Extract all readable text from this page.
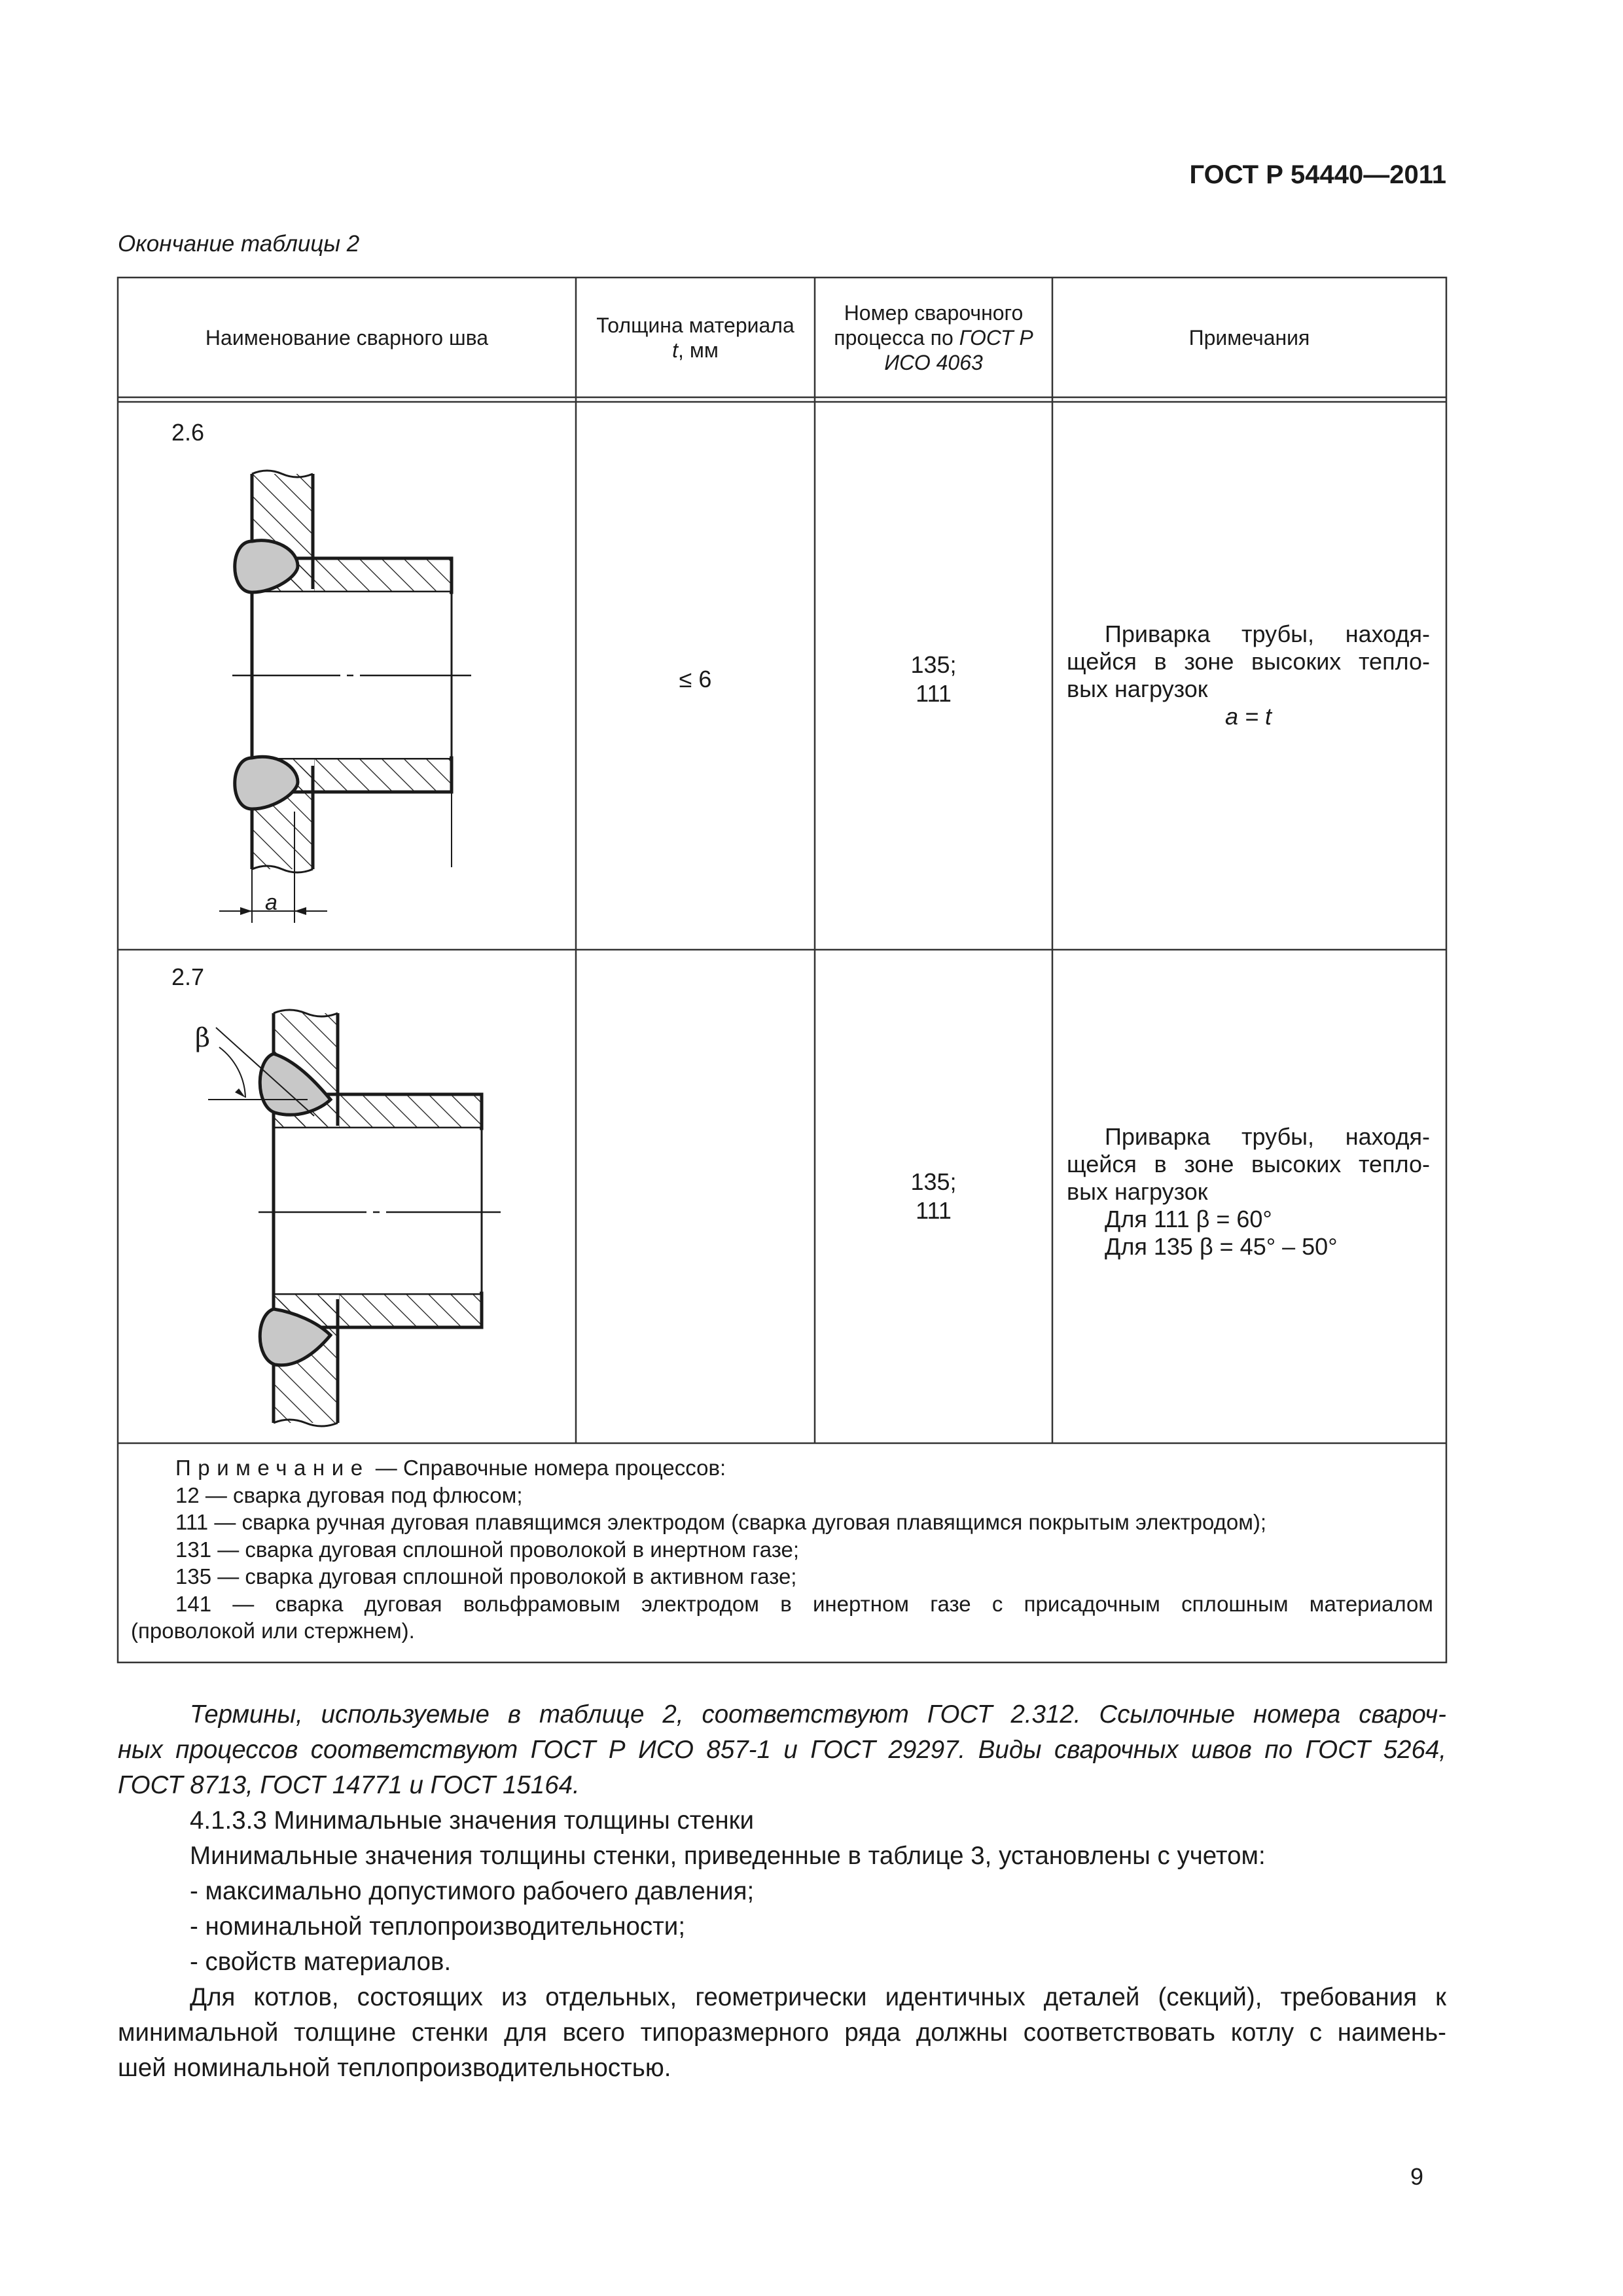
ГОСТ Р 54440—2011
Окончание таблицы 2
Наименование сварного шва
Толщина материала
t, мм
Номер сварочного
процесса по ГОСТ Р
ИСО 4063
Примечания
2.6
a
≤ 6
135;
111

Приварка трубы, находя-

щейся в зоне высоких тепло-

вых нагрузок

a = t

2.7
β
135;
111

Приварка трубы, находя-

щейся в зоне высоких тепло-

вых нагрузок

Для 111 β = 60°

Для 135 β = 45° – 50°

Примечание — Справочные номера процессов:

12 — сварка дуговая под флюсом;

111 — сварка ручная дуговая плавящимся электродом (сварка дуговая плавящимся покрытым электродом);

131 — сварка дуговая сплошной проволокой в инертном газе;

135 — сварка дуговая сплошной проволокой в активном газе;

141 — сварка дуговая вольфрамовым электродом в инертном газе с присадочным сплошным материалом

(проволокой или стержнем).

Термины, используемые в таблице 2, соответствуют ГОСТ 2.312. Ссылочные номера свароч-

ных процессов соответствуют ГОСТ Р ИСО 857-1 и ГОСТ 29297. Виды сварочных швов по ГОСТ 5264,

ГОСТ 8713, ГОСТ 14771 и ГОСТ 15164.

4.1.3.3 Минимальные значения толщины стенки

Минимальные значения толщины стенки, приведенные в таблице 3, установлены с учетом:

- максимально допустимого рабочего давления;

- номинальной теплопроизводительности;

- свойств материалов.

Для котлов, состоящих из отдельных, геометрически идентичных деталей (секций), требования к

минимальной толщине стенки для всего типоразмерного ряда должны соответствовать котлу с наимень-

шей номинальной теплопроизводительностью.

9
